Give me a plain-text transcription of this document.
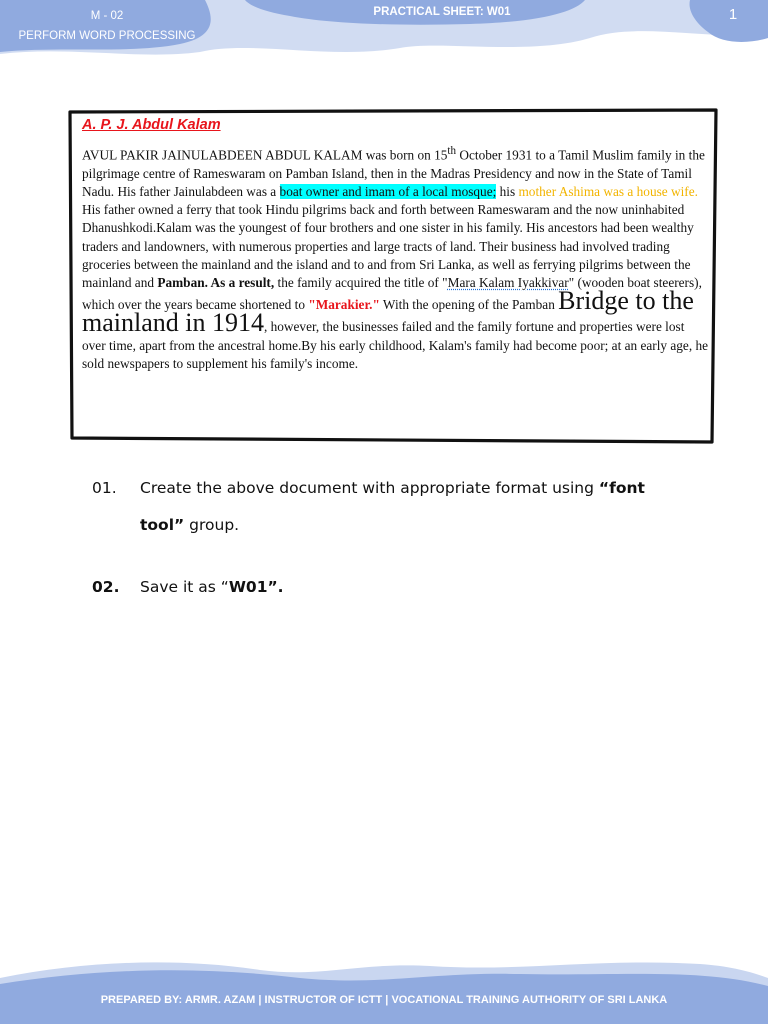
M - 02
PERFORM WORD PROCESSING
PRACTICAL SHEET: W01	1
A. P. J. Abdul Kalam

AVUL PAKIR JAINULABDEEN ABDUL KALAM was born on 15th October 1931 to a Tamil Muslim family in the pilgrimage centre of Rameswaram on Pamban Island, then in the Madras Presidency and now in the State of Tamil Nadu. His father Jainulabdeen was a boat owner and imam of a local mosque; his mother Ashima was a house wife. His father owned a ferry that took Hindu pilgrims back and forth between Rameswaram and the now uninhabited Dhanushkodi.Kalam was the youngest of four brothers and one sister in his family. His ancestors had been wealthy traders and landowners, with numerous properties and large tracts of land. Their business had involved trading groceries between the mainland and the island and to and from Sri Lanka, as well as ferrying pilgrims between the mainland and Pamban. As a result, the family acquired the title of "Mara Kalam Iyakkivar" (wooden boat steerers), which over the years became shortened to "Marakier." With the opening of the Pamban Bridge to the mainland in 1914, however, the businesses failed and the family fortune and properties were lost over time, apart from the ancestral home.By his early childhood, Kalam's family had become poor; at an early age, he sold newspapers to supplement his family's income.

01.	Create the above document with appropriate format using “font tool” group.
02. Save it as “W01”.
PREPARED BY: ARMR. AZAM | INSTRUCTOR OF ICTT | VOCATIONAL TRAINING AUTHORITY OF SRI LANKA
